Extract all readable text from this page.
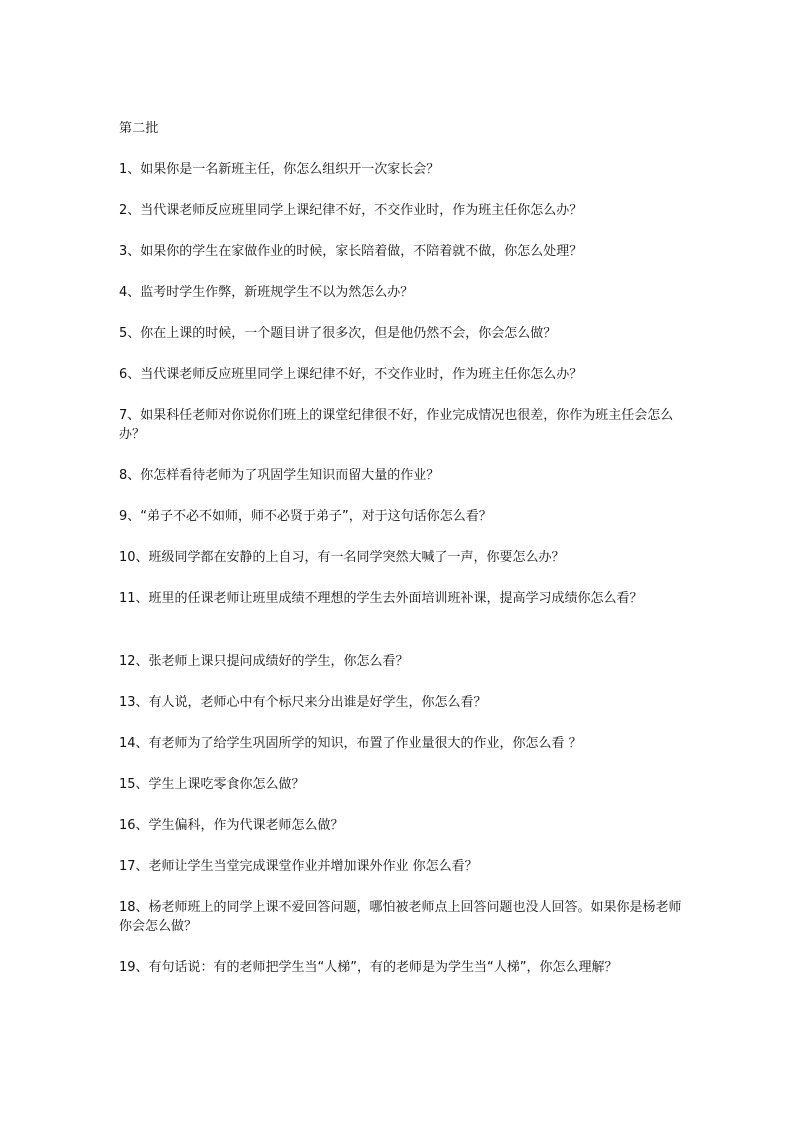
第二批
1、如果你是一名新班主任，你怎么组织开一次家长会？
2、当代课老师反应班里同学上课纪律不好，不交作业时，作为班主任你怎么办？
3、如果你的学生在家做作业的时候，家长陪着做，不陪着就不做，你怎么处理？
4、监考时学生作弊，新班规学生不以为然怎么办？
5、你在上课的时候，一个题目讲了很多次，但是他仍然不会，你会怎么做？
6、当代课老师反应班里同学上课纪律不好，不交作业时，作为班主任你怎么办？
7、如果科任老师对你说你们班上的课堂纪律很不好，作业完成情况也很差，你作为班主任会怎么办？
8、你怎样看待老师为了巩固学生知识而留大量的作业？
9、“弟子不必不如师，师不必贤于弟子”，对于这句话你怎么看？
10、班级同学都在安静的上自习，有一名同学突然大喊了一声，你要怎么办？
11、班里的任课老师让班里成绩不理想的学生去外面培训班补课，提高学习成绩你怎么看？
12、张老师上课只提问成绩好的学生，你怎么看？
13、有人说，老师心中有个标尺来分出谁是好学生，你怎么看？
14、有老师为了给学生巩固所学的知识，布置了作业量很大的作业，你怎么看 ？
15、学生上课吃零食你怎么做？
16、学生偏科，作为代课老师怎么做？
17、老师让学生当堂完成课堂作业并增加课外作业 你怎么看？
18、杨老师班上的同学上课不爱回答问题，哪怕被老师点上回答问题也没人回答。如果你是杨老师你会怎么做？
19、有句话说：有的老师把学生当“人梯”，有的老师是为学生当“人梯”，你怎么理解？
